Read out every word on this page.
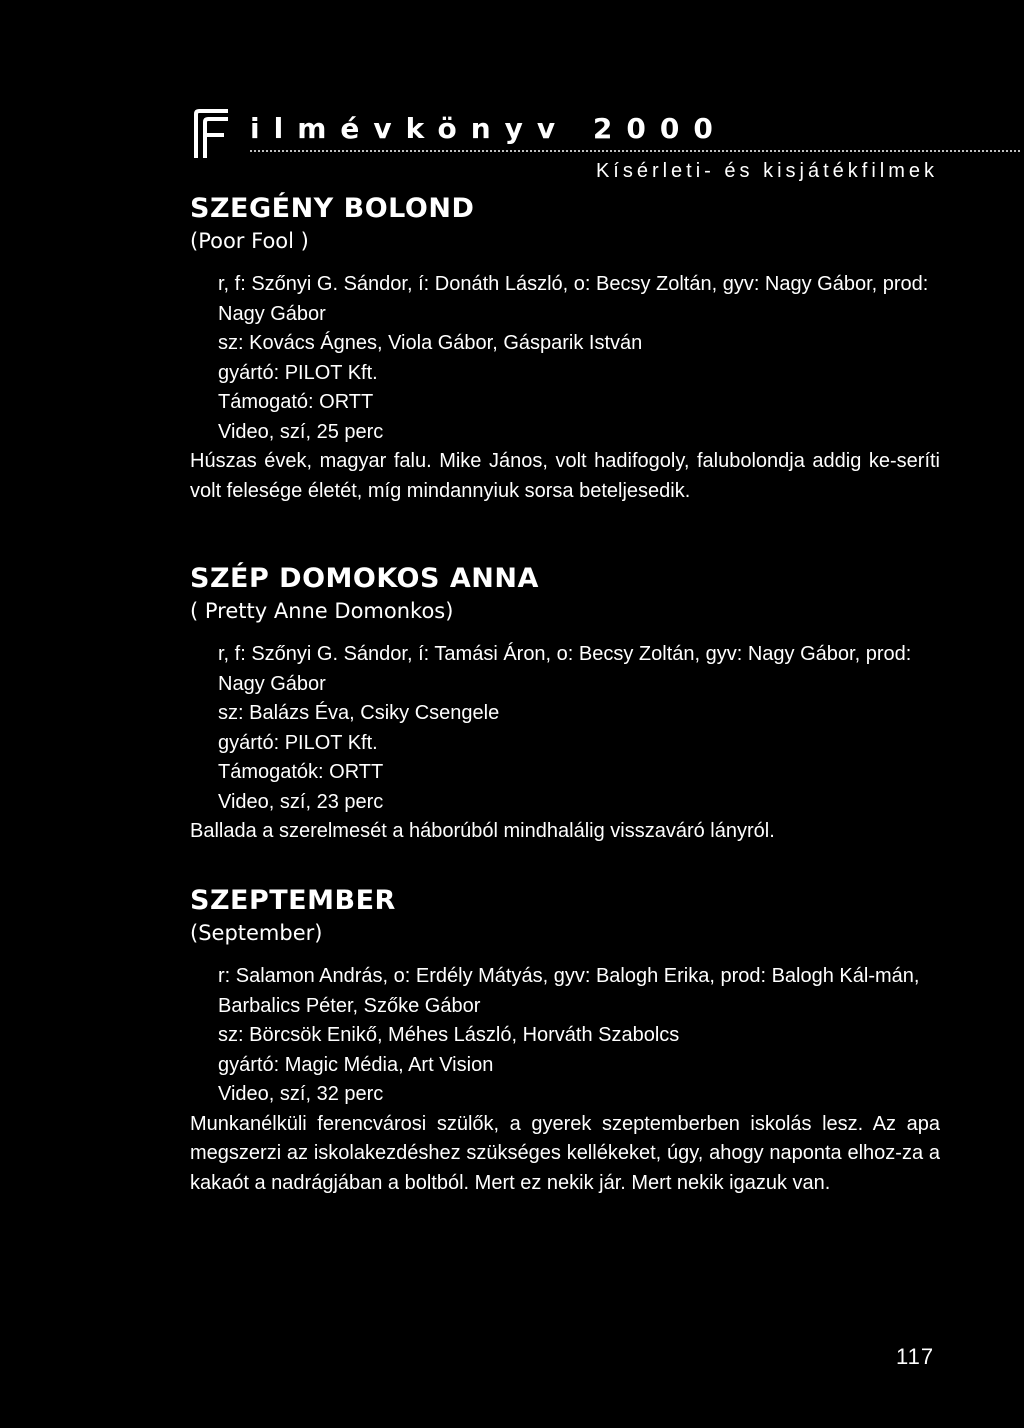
ilmévkönyv 2000
Kísérleti- és kisjátékfilmek

SZEGÉNY BOLOND

(Poor Fool )

r, f: Szőnyi G. Sándor, í: Donáth László, o: Becsy Zoltán, gyv: Nagy Gábor, prod: Nagy Gábor

sz: Kovács Ágnes, Viola Gábor, Gásparik István

gyártó: PILOT Kft.

Támogató: ORTT

Video, szí, 25 perc

Húszas évek, magyar falu. Mike János, volt hadifogoly, falubolondja addig ke-seríti volt felesége életét, míg mindannyiuk sorsa beteljesedik.

SZÉP DOMOKOS ANNA

( Pretty Anne Domonkos)

r, f: Szőnyi G. Sándor, í: Tamási Áron, o: Becsy Zoltán, gyv: Nagy Gábor, prod: Nagy Gábor

sz: Balázs Éva, Csiky Csengele

gyártó: PILOT Kft.

Támogatók: ORTT

Video, szí, 23 perc

Ballada a szerelmesét a háborúból mindhalálig visszaváró lányról.

SZEPTEMBER

(September)

r: Salamon András, o: Erdély Mátyás, gyv: Balogh Erika, prod: Balogh Kál-mán, Barbalics Péter, Szőke Gábor

sz: Börcsök Enikő, Méhes László, Horváth Szabolcs

gyártó: Magic Média, Art Vision

Video, szí, 32 perc

Munkanélküli ferencvárosi szülők, a gyerek szeptemberben iskolás lesz. Az apa megszerzi az iskolakezdéshez szükséges kellékeket, úgy, ahogy naponta elhoz-za a kakaót a nadrágjában a boltból. Mert ez nekik jár. Mert nekik igazuk van.

117
